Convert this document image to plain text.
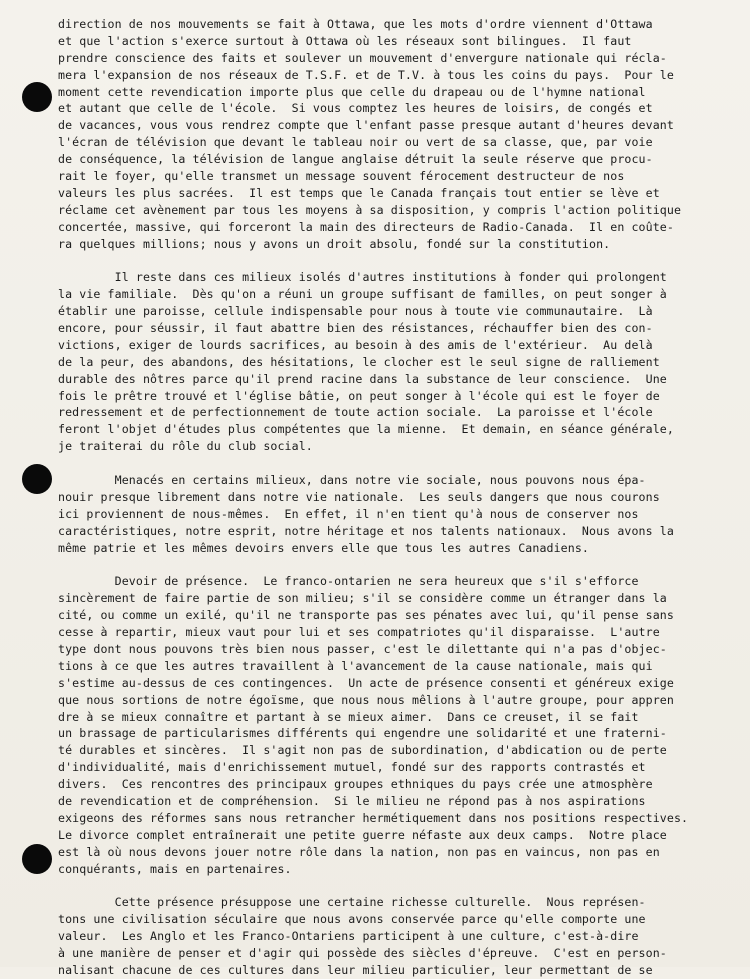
direction de nos mouvements se fait à Ottawa, que les mots d'ordre viennent d'Ottawa
et que l'action s'exerce surtout à Ottawa où les réseaux sont bilingues.  Il faut
prendre conscience des faits et soulever un mouvement d'envergure nationale qui récla-
mera l'expansion de nos réseaux de T.S.F. et de T.V. à tous les coins du pays.  Pour le
moment cette revendication importe plus que celle du drapeau ou de l'hymne national
et autant que celle de l'école.  Si vous comptez les heures de loisirs, de congés et
de vacances, vous vous rendrez compte que l'enfant passe presque autant d'heures devant
l'écran de télévision que devant le tableau noir ou vert de sa classe, que, par voie
de conséquence, la télévision de langue anglaise détruit la seule réserve que procu-
rait le foyer, qu'elle transmet un message souvent férocement destructeur de nos
valeurs les plus sacrées.  Il est temps que le Canada français tout entier se lève et
réclame cet avènement par tous les moyens à sa disposition, y compris l'action politique
concertée, massive, qui forceront la main des directeurs de Radio-Canada.  Il en coûte-
ra quelques millions; nous y avons un droit absolu, fondé sur la constitution.
Il reste dans ces milieux isolés d'autres institutions à fonder qui prolongent
la vie familiale.  Dès qu'on a réuni un groupe suffisant de familles, on peut songer à
établir une paroisse, cellule indispensable pour nous à toute vie communautaire.  Là
encore, pour séussir, il faut abattre bien des résistances, réchauffer bien des con-
victions, exiger de lourds sacrifices, au besoin à des amis de l'extérieur.  Au delà
de la peur, des abandons, des hésitations, le clocher est le seul signe de ralliement
durable des nôtres parce qu'il prend racine dans la substance de leur conscience.  Une
fois le prêtre trouvé et l'église bâtie, on peut songer à l'école qui est le foyer de
redressement et de perfectionnement de toute action sociale.  La paroisse et l'école
feront l'objet d'études plus compétentes que la mienne.  Et demain, en séance générale,
je traiterai du rôle du club social.
Menacés en certains milieux, dans notre vie sociale, nous pouvons nous épa-
nouir presque librement dans notre vie nationale.  Les seuls dangers que nous courons
ici proviennent de nous-mêmes.  En effet, il n'en tient qu'à nous de conserver nos
caractéristiques, notre esprit, notre héritage et nos talents nationaux.  Nous avons la
même patrie et les mêmes devoirs envers elle que tous les autres Canadiens.
Devoir de présence.  Le franco-ontarien ne sera heureux que s'il s'efforce
sincèrement de faire partie de son milieu; s'il se considère comme un étranger dans la
cité, ou comme un exilé, qu'il ne transporte pas ses pénates avec lui, qu'il pense sans
cesse à repartir, mieux vaut pour lui et ses compatriotes qu'il disparaisse.  L'autre
type dont nous pouvons très bien nous passer, c'est le dilettante qui n'a pas d'objec-
tions à ce que les autres travaillent à l'avancement de la cause nationale, mais qui
s'estime au-dessus de ces contingences.  Un acte de présence consenti et généreux exige
que nous sortions de notre égoïsme, que nous nous mêlions à l'autre groupe, pour appren
dre à se mieux connaître et partant à se mieux aimer.  Dans ce creuset, il se fait
un brassage de particularismes différents qui engendre une solidarité et une fraterni-
té durables et sincères.  Il s'agit non pas de subordination, d'abdication ou de perte
d'individualité, mais d'enrichissement mutuel, fondé sur des rapports contrastés et
divers.  Ces rencontres des principaux groupes ethniques du pays crée une atmosphère
de revendication et de compréhension.  Si le milieu ne répond pas à nos aspirations
exigeons des réformes sans nous retrancher hermétiquement dans nos positions respectives.
Le divorce complet entraînerait une petite guerre néfaste aux deux camps.  Notre place
est là où nous devons jouer notre rôle dans la nation, non pas en vaincus, non pas en
conquérants, mais en partenaires.
Cette présence présuppose une certaine richesse culturelle.  Nous représen-
tons une civilisation séculaire que nous avons conservée parce qu'elle comporte une
valeur.  Les Anglo et les Franco-Ontariens participent à une culture, c'est-à-dire
à une manière de penser et d'agir qui possède des siècles d'épreuve.  C'est en person-
nalisant chacune de ces cultures dans leur milieu particulier, leur permettant de se
